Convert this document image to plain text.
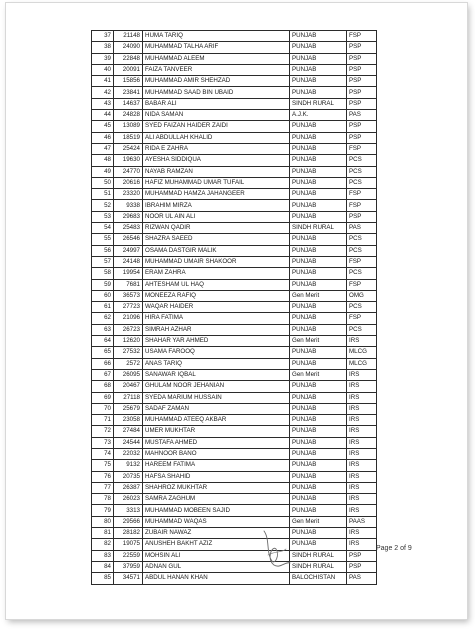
37	21148	HUMA TARIQ	PUNJAB	FSP
38	24090	MUHAMMAD TALHA ARIF	PUNJAB	PSP
39	22848	MUHAMMAD ALEEM	PUNJAB	PSP
40	20091	FAIZA TANVEER	PUNJAB	PSP
41	15856	MUHAMMAD AMIR SHEHZAD	PUNJAB	PSP
42	23841	MUHAMMAD SAAD BIN UBAID	PUNJAB	PSP
43	14637	BABAR ALI	SINDH RURAL	PSP
44	24828	NIDA SAMAN	A.J.K.	PAS
45	13089	SYED FAIZAN HAIDER ZAIDI	PUNJAB	PSP
46	18519	ALI ABDULLAH KHALID	PUNJAB	PSP
47	25424	RIDA E ZAHRA	PUNJAB	FSP
48	19630	AYESHA SIDDIQUA	PUNJAB	PCS
49	24770	NAYAB RAMZAN	PUNJAB	PCS
50	20616	HAFIZ MUHAMMAD UMAR TUFAIL	PUNJAB	PCS
51	23320	MUHAMMAD HAMZA JAHANGEER	PUNJAB	FSP
52	9338	IBRAHIM MIRZA	PUNJAB	FSP
53	29683	NOOR UL AIN ALI	PUNJAB	PSP
54	25483	RIZWAN QADIR	SINDH RURAL	PAS
55	26546	SHAZRA SAEED	PUNJAB	PCS
56	24997	OSAMA DASTGIR MALIK	PUNJAB	PCS
57	24148	MUHAMMAD UMAIR SHAKOOR	PUNJAB	FSP
58	19954	ERAM ZAHRA	PUNJAB	PCS
59	7681	AHTESHAM UL HAQ	PUNJAB	FSP
60	36573	MONEEZA RAFIQ	Gen Merit	OMG
61	27723	WAQAR HAIDER	PUNJAB	PCS
62	21096	HIRA FATIMA	PUNJAB	FSP
63	26723	SIMRAH AZHAR	PUNJAB	PCS
64	12620	SHAHAR YAR AHMED	Gen Merit	IRS
65	27532	USAMA FAROOQ	PUNJAB	MLCG
66	2572	ANAS TARIQ	PUNJAB	MLCG
67	26095	SANAWAR IQBAL	Gen Merit	IRS
68	20467	GHULAM NOOR JEHANIAN	PUNJAB	IRS
69	27118	SYEDA MARIUM HUSSAIN	PUNJAB	IRS
70	25679	SADAF ZAMAN	PUNJAB	IRS
71	23058	MUHAMMAD ATEEQ AKBAR	PUNJAB	IRS
72	27484	UMER MUKHTAR	PUNJAB	IRS
73	24544	MUSTAFA AHMED	PUNJAB	IRS
74	22032	MAHNOOR BANO	PUNJAB	IRS
75	9132	HAREEM FATIMA	PUNJAB	IRS
76	20735	HAFSA SHAHID	PUNJAB	IRS
77	26387	SHAHROZ MUKHTAR	PUNJAB	IRS
78	26023	SAMRA ZAGHUM	PUNJAB	IRS
79	3313	MUHAMMAD MOBEEN SAJID	PUNJAB	IRS
80	29566	MUHAMMAD WAQAS	Gen Merit	PAAS
81	28182	ZUBAIR NAWAZ	PUNJAB	IRS
82	19075	ANUSHEH BAKHT AZIZ	PUNJAB	IRS
83	22559	MOHSIN ALI	SINDH RURAL	PSP
84	37959	ADNAN GUL	SINDH RURAL	PSP
85	34571	ABDUL HANAN KHAN	BALOCHISTAN	PAS
Page 2 of 9
